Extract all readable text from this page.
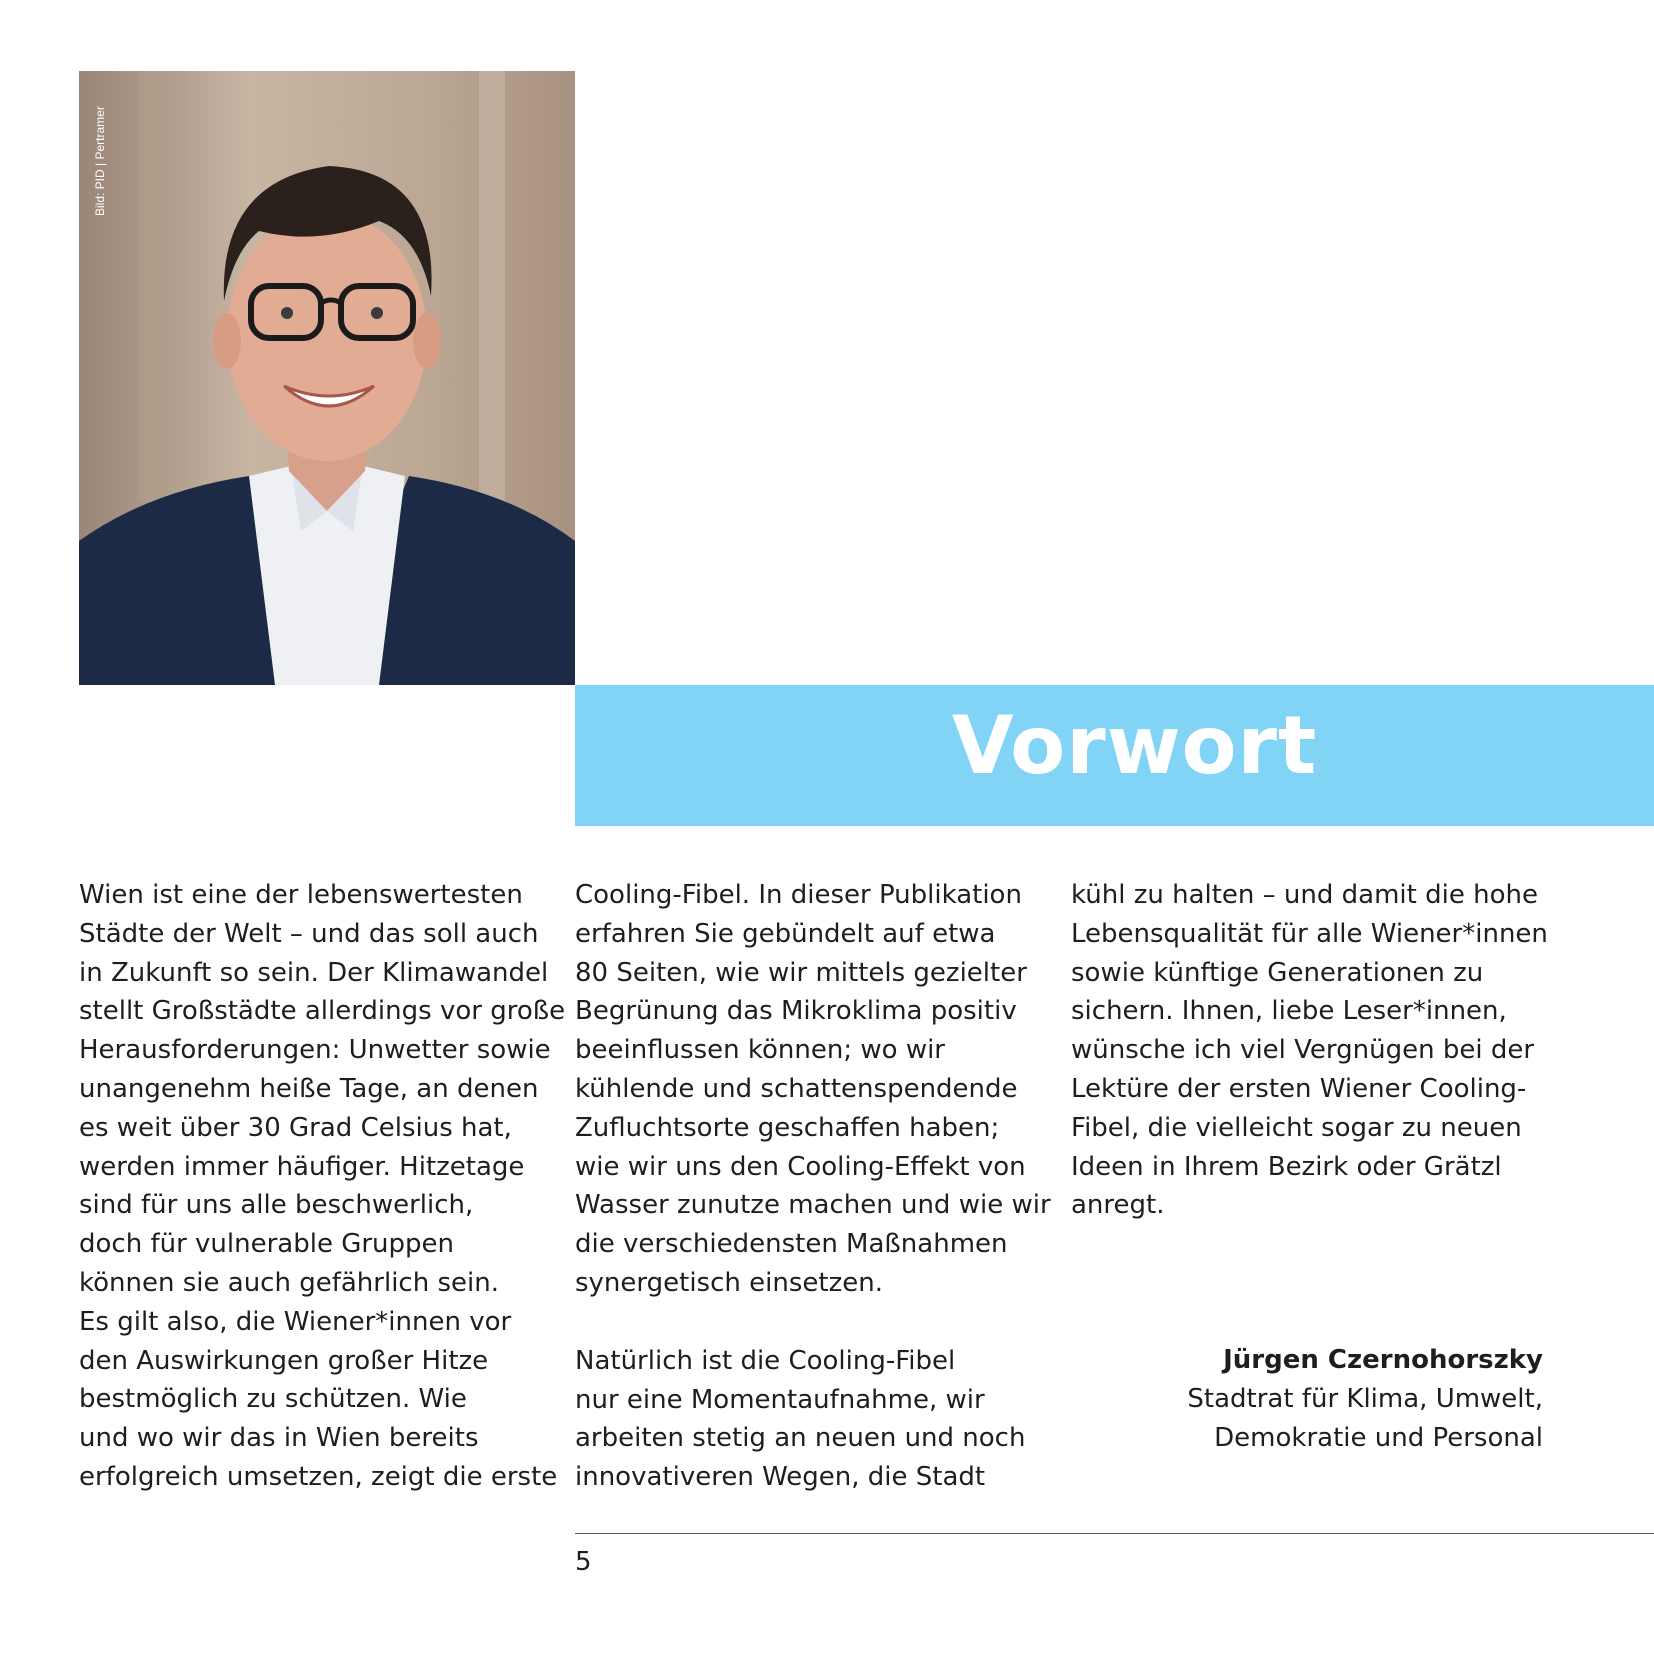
Bild: PID | Pertramer
Vorwort

Wien ist eine der lebenswertesten
Städte der Welt – und das soll auch
in Zukunft so sein. Der Klimawandel
stellt Großstädte allerdings vor große
Herausforderungen: Unwetter sowie
unangenehm heiße Tage, an denen
es weit über 30 Grad Celsius hat,
werden immer häufiger. Hitzetage
sind für uns alle beschwerlich,
doch für vulnerable Gruppen
können sie auch gefährlich sein.
Es gilt also, die Wiener*innen vor
den Auswirkungen großer Hitze
bestmöglich zu schützen. Wie
und wo wir das in Wien bereits
erfolgreich umsetzen, zeigt die erste

Cooling-Fibel. In dieser Publikation
erfahren Sie gebündelt auf etwa
80 Seiten, wie wir mittels gezielter
Begrünung das Mikroklima positiv
beeinflussen können; wo wir
kühlende und schattenspendende
Zufluchtsorte geschaffen haben;
wie wir uns den Cooling-Effekt von
Wasser zunutze machen und wie wir
die verschiedensten Maßnahmen
synergetisch einsetzen.

Natürlich ist die Cooling-Fibel
nur eine Momentaufnahme, wir
arbeiten stetig an neuen und noch
innovativeren Wegen, die Stadt

kühl zu halten – und damit die hohe
Lebensqualität für alle Wiener*innen
sowie künftige Generationen zu
sichern. Ihnen, liebe Leser*innen,
wünsche ich viel Vergnügen bei der
Lektüre der ersten Wiener Cooling-
Fibel, die vielleicht sogar zu neuen
Ideen in Ihrem Bezirk oder Grätzl
anregt.

Jürgen Czernohorszky
Stadtrat für Klima, Umwelt,
Demokratie und Personal
5
